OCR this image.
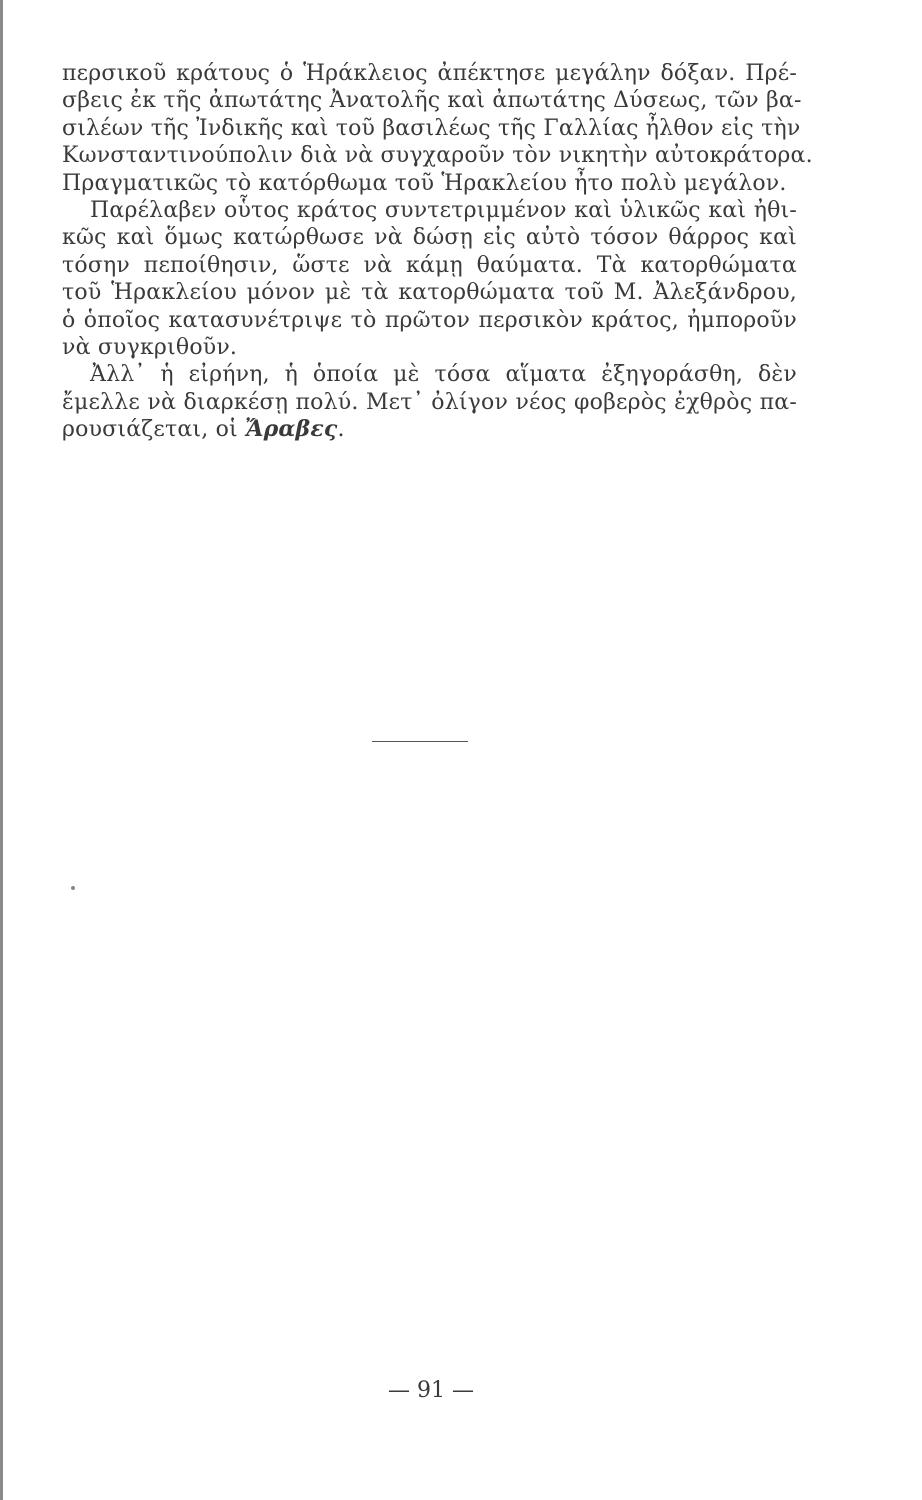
περσικοῦ κράτους ὁ Ἡράκλειος ἀπέκτησε μεγάλην δόξαν. Πρέ-
σβεις ἐκ τῆς ἀπωτάτης Ἀνατολῆς καὶ ἀπωτάτης Δύσεως, τῶν βα-
σιλέων τῆς Ἰνδικῆς καὶ τοῦ βασιλέως τῆς Γαλλίας ἦλθον εἰς τὴν
Κωνσταντινούπολιν διὰ νὰ συγχαροῦν τὸν νικητὴν αὐτοκράτορα.
Πραγματικῶς τὸ κατόρθωμα τοῦ Ἡρακλείου ἦτο πολὺ μεγάλον.
Παρέλαβεν οὗτος κράτος συντετριμμένον καὶ ὑλικῶς καὶ ἠθι-
κῶς καὶ ὅμως κατώρθωσε νὰ δώσῃ εἰς αὐτὸ τόσον θάρρος καὶ
τόσην πεποίθησιν, ὥστε νὰ κάμῃ θαύματα. Τὰ κατορθώματα
τοῦ Ἡρακλείου μόνον μὲ τὰ κατορθώματα τοῦ Μ. Ἀλεξάνδρου,
ὁ ὁποῖος κατασυνέτριψε τὸ πρῶτον περσικὸν κράτος, ἠμποροῦν
νὰ συγκριθοῦν.
Ἀλλ᾽ ἡ εἰρήνη, ἡ ὁποία μὲ τόσα αἵματα ἐξηγοράσθη, δὲν
ἔμελλε νὰ διαρκέσῃ πολύ. Μετ᾽ ὀλίγον νέος φοβερὸς ἐχθρὸς πα-
ρουσιάζεται, οἱ Ἄραβες.
— 91 —
